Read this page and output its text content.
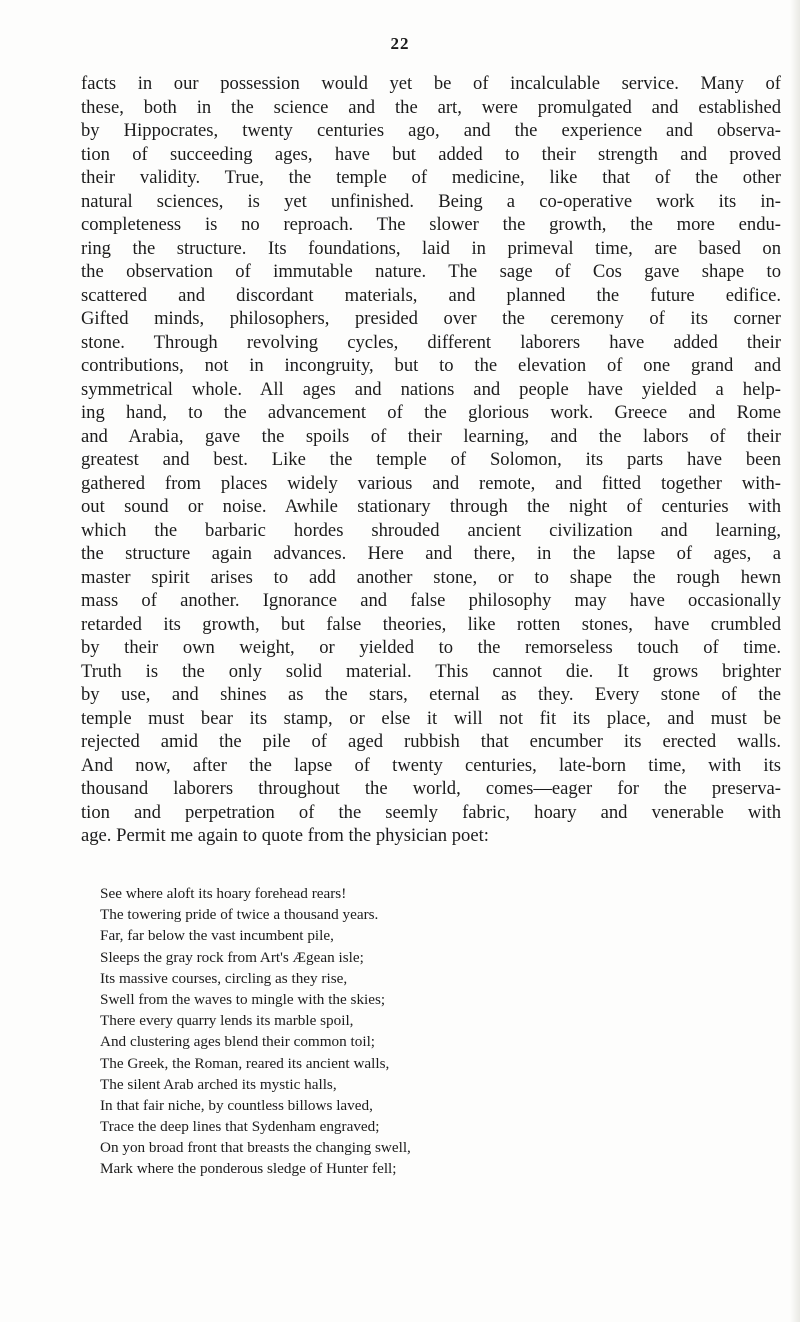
22
facts in our possession would yet be of incalculable service. Many of
these, both in the science and the art, were promulgated and established
by Hippocrates, twenty centuries ago, and the experience and observa-
tion of succeeding ages, have but added to their strength and proved
their validity. True, the temple of medicine, like that of the other
natural sciences, is yet unfinished. Being a co-operative work its in-
completeness is no reproach. The slower the growth, the more endu-
ring the structure. Its foundations, laid in primeval time, are based on
the observation of immutable nature. The sage of Cos gave shape to
scattered and discordant materials, and planned the future edifice.
Gifted minds, philosophers, presided over the ceremony of its corner
stone. Through revolving cycles, different laborers have added their
contributions, not in incongruity, but to the elevation of one grand and
symmetrical whole. All ages and nations and people have yielded a help-
ing hand, to the advancement of the glorious work. Greece and Rome
and Arabia, gave the spoils of their learning, and the labors of their
greatest and best. Like the temple of Solomon, its parts have been
gathered from places widely various and remote, and fitted together with-
out sound or noise. Awhile stationary through the night of centuries with
which the barbaric hordes shrouded ancient civilization and learning,
the structure again advances. Here and there, in the lapse of ages, a
master spirit arises to add another stone, or to shape the rough hewn
mass of another. Ignorance and false philosophy may have occasionally
retarded its growth, but false theories, like rotten stones, have crumbled
by their own weight, or yielded to the remorseless touch of time.
Truth is the only solid material. This cannot die. It grows brighter
by use, and shines as the stars, eternal as they. Every stone of the
temple must bear its stamp, or else it will not fit its place, and must be
rejected amid the pile of aged rubbish that encumber its erected walls.
And now, after the lapse of twenty centuries, late-born time, with its
thousand laborers throughout the world, comes—eager for the preserva-
tion and perpetration of the seemly fabric, hoary and venerable with
age. Permit me again to quote from the physician poet:
See where aloft its hoary forehead rears!
The towering pride of twice a thousand years.
Far, far below the vast incumbent pile,
Sleeps the gray rock from Art's Ægean isle;
Its massive courses, circling as they rise,
Swell from the waves to mingle with the skies;
There every quarry lends its marble spoil,
And clustering ages blend their common toil;
The Greek, the Roman, reared its ancient walls,
The silent Arab arched its mystic halls,
In that fair niche, by countless billows laved,
Trace the deep lines that Sydenham engraved;
On yon broad front that breasts the changing swell,
Mark where the ponderous sledge of Hunter fell;
